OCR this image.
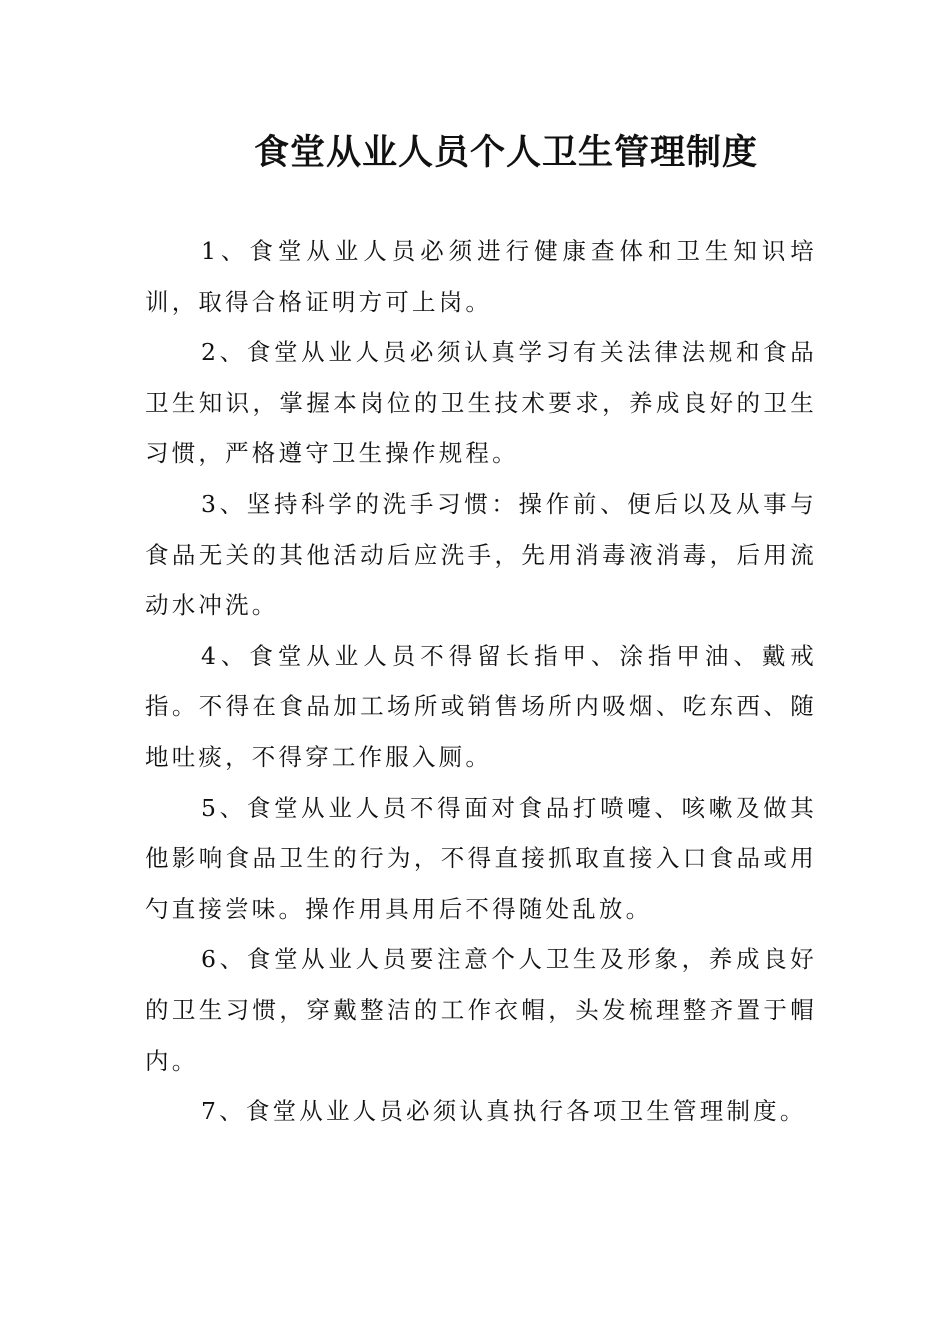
食堂从业人员个人卫生管理制度

1、食堂从业人员必须进行健康查体和卫生知识培训，取得合格证明方可上岗。

2、食堂从业人员必须认真学习有关法律法规和食品卫生知识，掌握本岗位的卫生技术要求，养成良好的卫生习惯，严格遵守卫生操作规程。

3、坚持科学的洗手习惯：操作前、便后以及从事与食品无关的其他活动后应洗手，先用消毒液消毒，后用流动水冲洗。

4、食堂从业人员不得留长指甲、涂指甲油、戴戒指。不得在食品加工场所或销售场所内吸烟、吃东西、随地吐痰，不得穿工作服入厕。

5、食堂从业人员不得面对食品打喷嚏、咳嗽及做其他影响食品卫生的行为，不得直接抓取直接入口食品或用勺直接尝味。操作用具用后不得随处乱放。

6、食堂从业人员要注意个人卫生及形象，养成良好的卫生习惯，穿戴整洁的工作衣帽，头发梳理整齐置于帽内。

7、食堂从业人员必须认真执行各项卫生管理制度。
